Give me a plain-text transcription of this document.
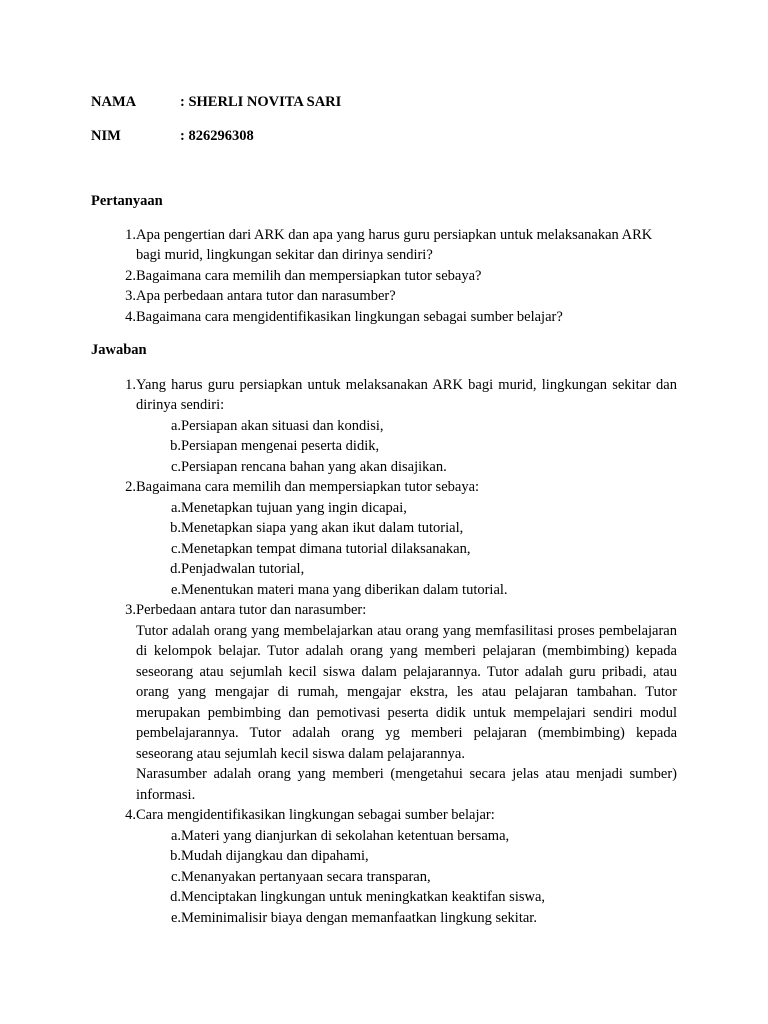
NAMA	: SHERLI NOVITA SARI
NIM	: 826296308
Pertanyaan
1. Apa pengertian dari ARK dan apa yang harus guru persiapkan untuk melaksanakan ARK bagi murid, lingkungan sekitar dan dirinya sendiri?
2. Bagaimana cara memilih dan mempersiapkan tutor sebaya?
3. Apa perbedaan antara tutor dan narasumber?
4. Bagaimana cara mengidentifikasikan lingkungan sebagai sumber belajar?
Jawaban
1. Yang harus guru persiapkan untuk melaksanakan ARK bagi murid, lingkungan sekitar dan dirinya sendiri:
a. Persiapan akan situasi dan kondisi,
b. Persiapan mengenai peserta didik,
c. Persiapan rencana bahan yang akan disajikan.
2. Bagaimana cara memilih dan mempersiapkan tutor sebaya:
a. Menetapkan tujuan yang ingin dicapai,
b. Menetapkan siapa yang akan ikut dalam tutorial,
c. Menetapkan tempat dimana tutorial dilaksanakan,
d. Penjadwalan tutorial,
e. Menentukan materi mana yang diberikan dalam tutorial.
3. Perbedaan antara tutor dan narasumber:
Tutor adalah orang yang membelajarkan atau orang yang memfasilitasi proses pembelajaran di kelompok belajar. Tutor adalah orang yang memberi pelajaran (membimbing) kepada seseorang atau sejumlah kecil siswa dalam pelajarannya. Tutor adalah guru pribadi, atau orang yang mengajar di rumah, mengajar ekstra, les atau pelajaran tambahan. Tutor merupakan pembimbing dan pemotivasi peserta didik untuk mempelajari sendiri modul pembelajarannya. Tutor adalah orang yg memberi pelajaran (membimbing) kepada seseorang atau sejumlah kecil siswa dalam pelajarannya.
Narasumber adalah orang yang memberi (mengetahui secara jelas atau menjadi sumber) informasi.
4. Cara mengidentifikasikan lingkungan sebagai sumber belajar:
a. Materi yang dianjurkan di sekolahan ketentuan bersama,
b. Mudah dijangkau dan dipahami,
c. Menanyakan pertanyaan secara transparan,
d. Menciptakan lingkungan untuk meningkatkan keaktifan siswa,
e. Meminimalisir biaya dengan memanfaatkan lingkung sekitar.
